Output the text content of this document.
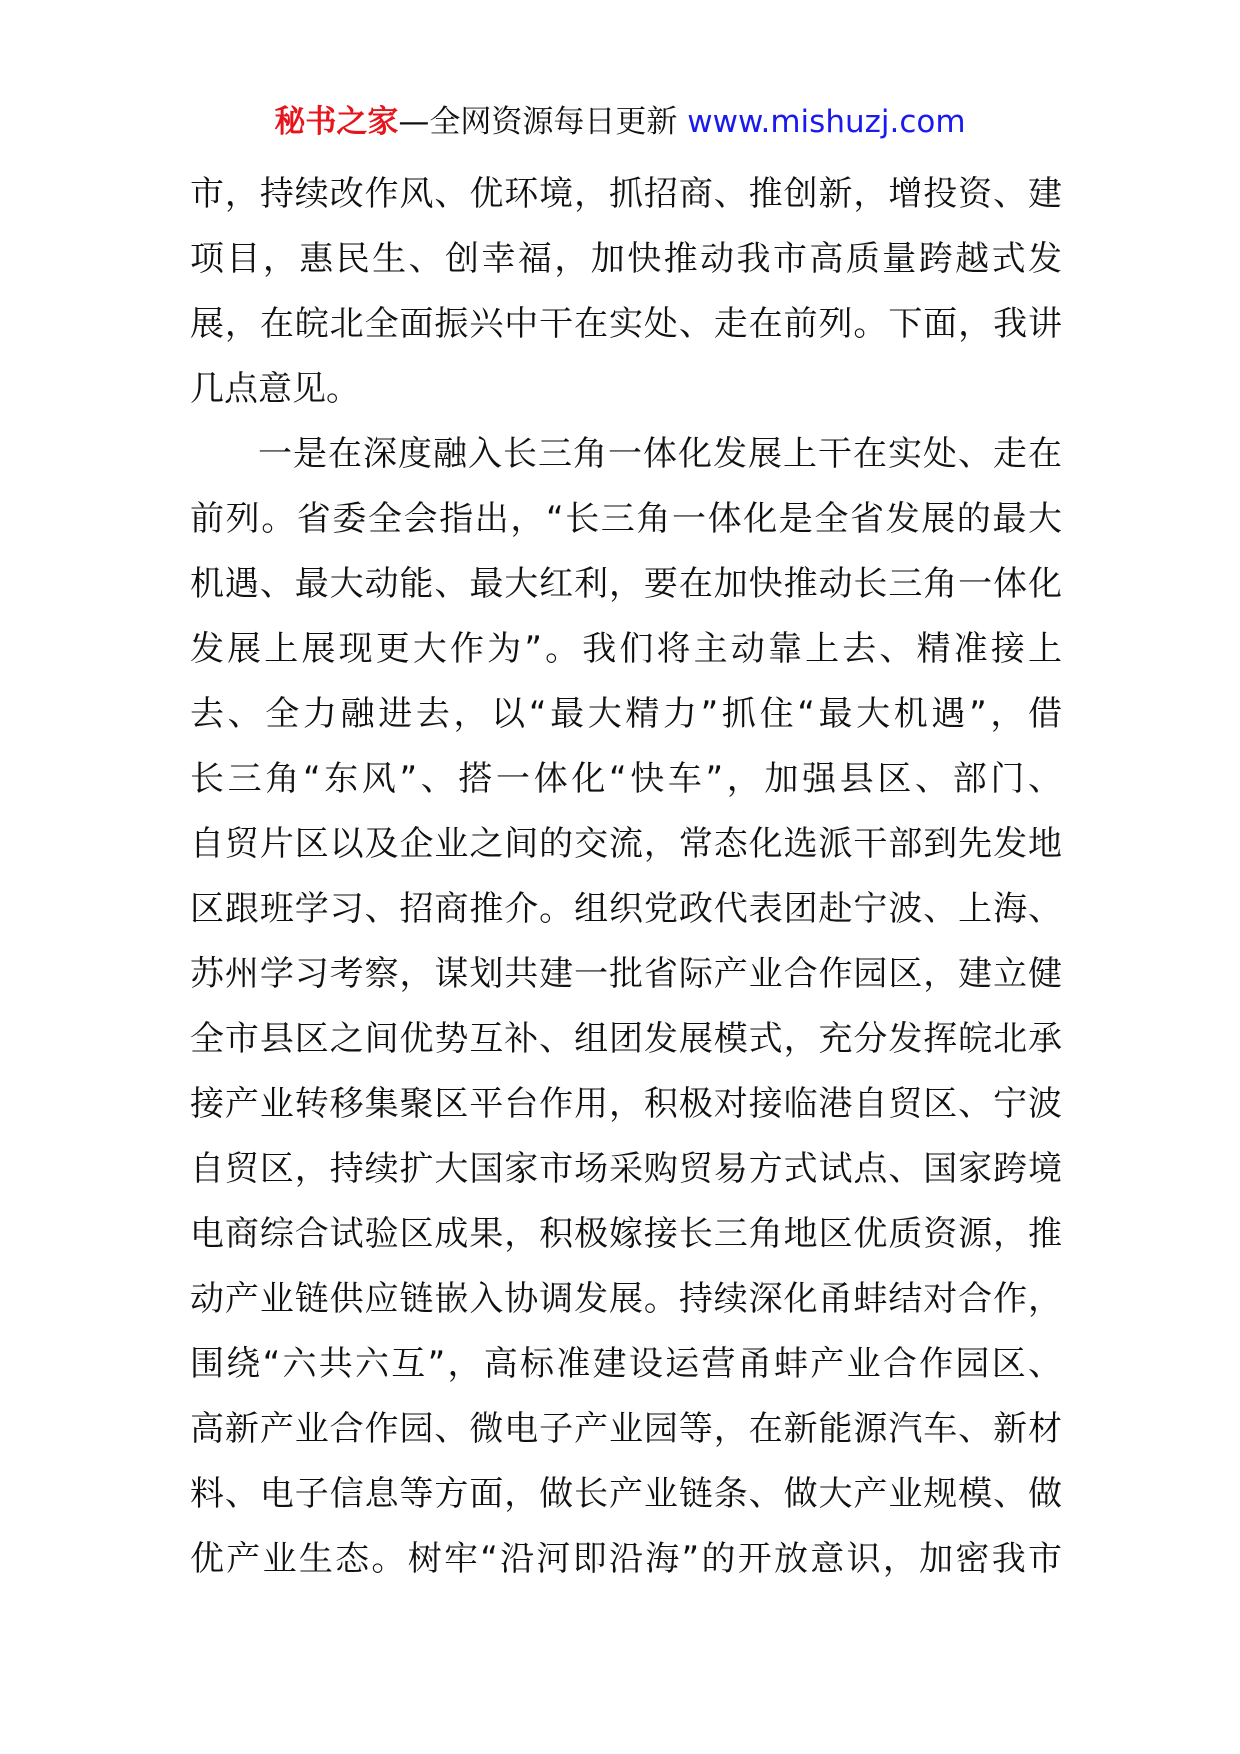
秘书之家—全网资源每日更新 www.mishuzj.com
市，持续改作风、优环境，抓招商、推创新，增投资、建
项目，惠民生、创幸福，加快推动我市高质量跨越式发
展，在皖北全面振兴中干在实处、走在前列。下面，我讲
几点意见。
一是在深度融入长三角一体化发展上干在实处、走在
前列。省委全会指出，“长三角一体化是全省发展的最大
机遇、最大动能、最大红利，要在加快推动长三角一体化
发展上展现更大作为”。我们将主动靠上去、精准接上
去、全力融进去，以“最大精力”抓住“最大机遇”，借
长三角“东风”、搭一体化“快车”，加强县区、部门、
自贸片区以及企业之间的交流，常态化选派干部到先发地
区跟班学习、招商推介。组织党政代表团赴宁波、上海、
苏州学习考察，谋划共建一批省际产业合作园区，建立健
全市县区之间优势互补、组团发展模式，充分发挥皖北承
接产业转移集聚区平台作用，积极对接临港自贸区、宁波
自贸区，持续扩大国家市场采购贸易方式试点、国家跨境
电商综合试验区成果，积极嫁接长三角地区优质资源，推
动产业链供应链嵌入协调发展。持续深化甬蚌结对合作，
围绕“六共六互”，高标准建设运营甬蚌产业合作园区、
高新产业合作园、微电子产业园等，在新能源汽车、新材
料、电子信息等方面，做长产业链条、做大产业规模、做
优产业生态。树牢“沿河即沿海”的开放意识，加密我市
